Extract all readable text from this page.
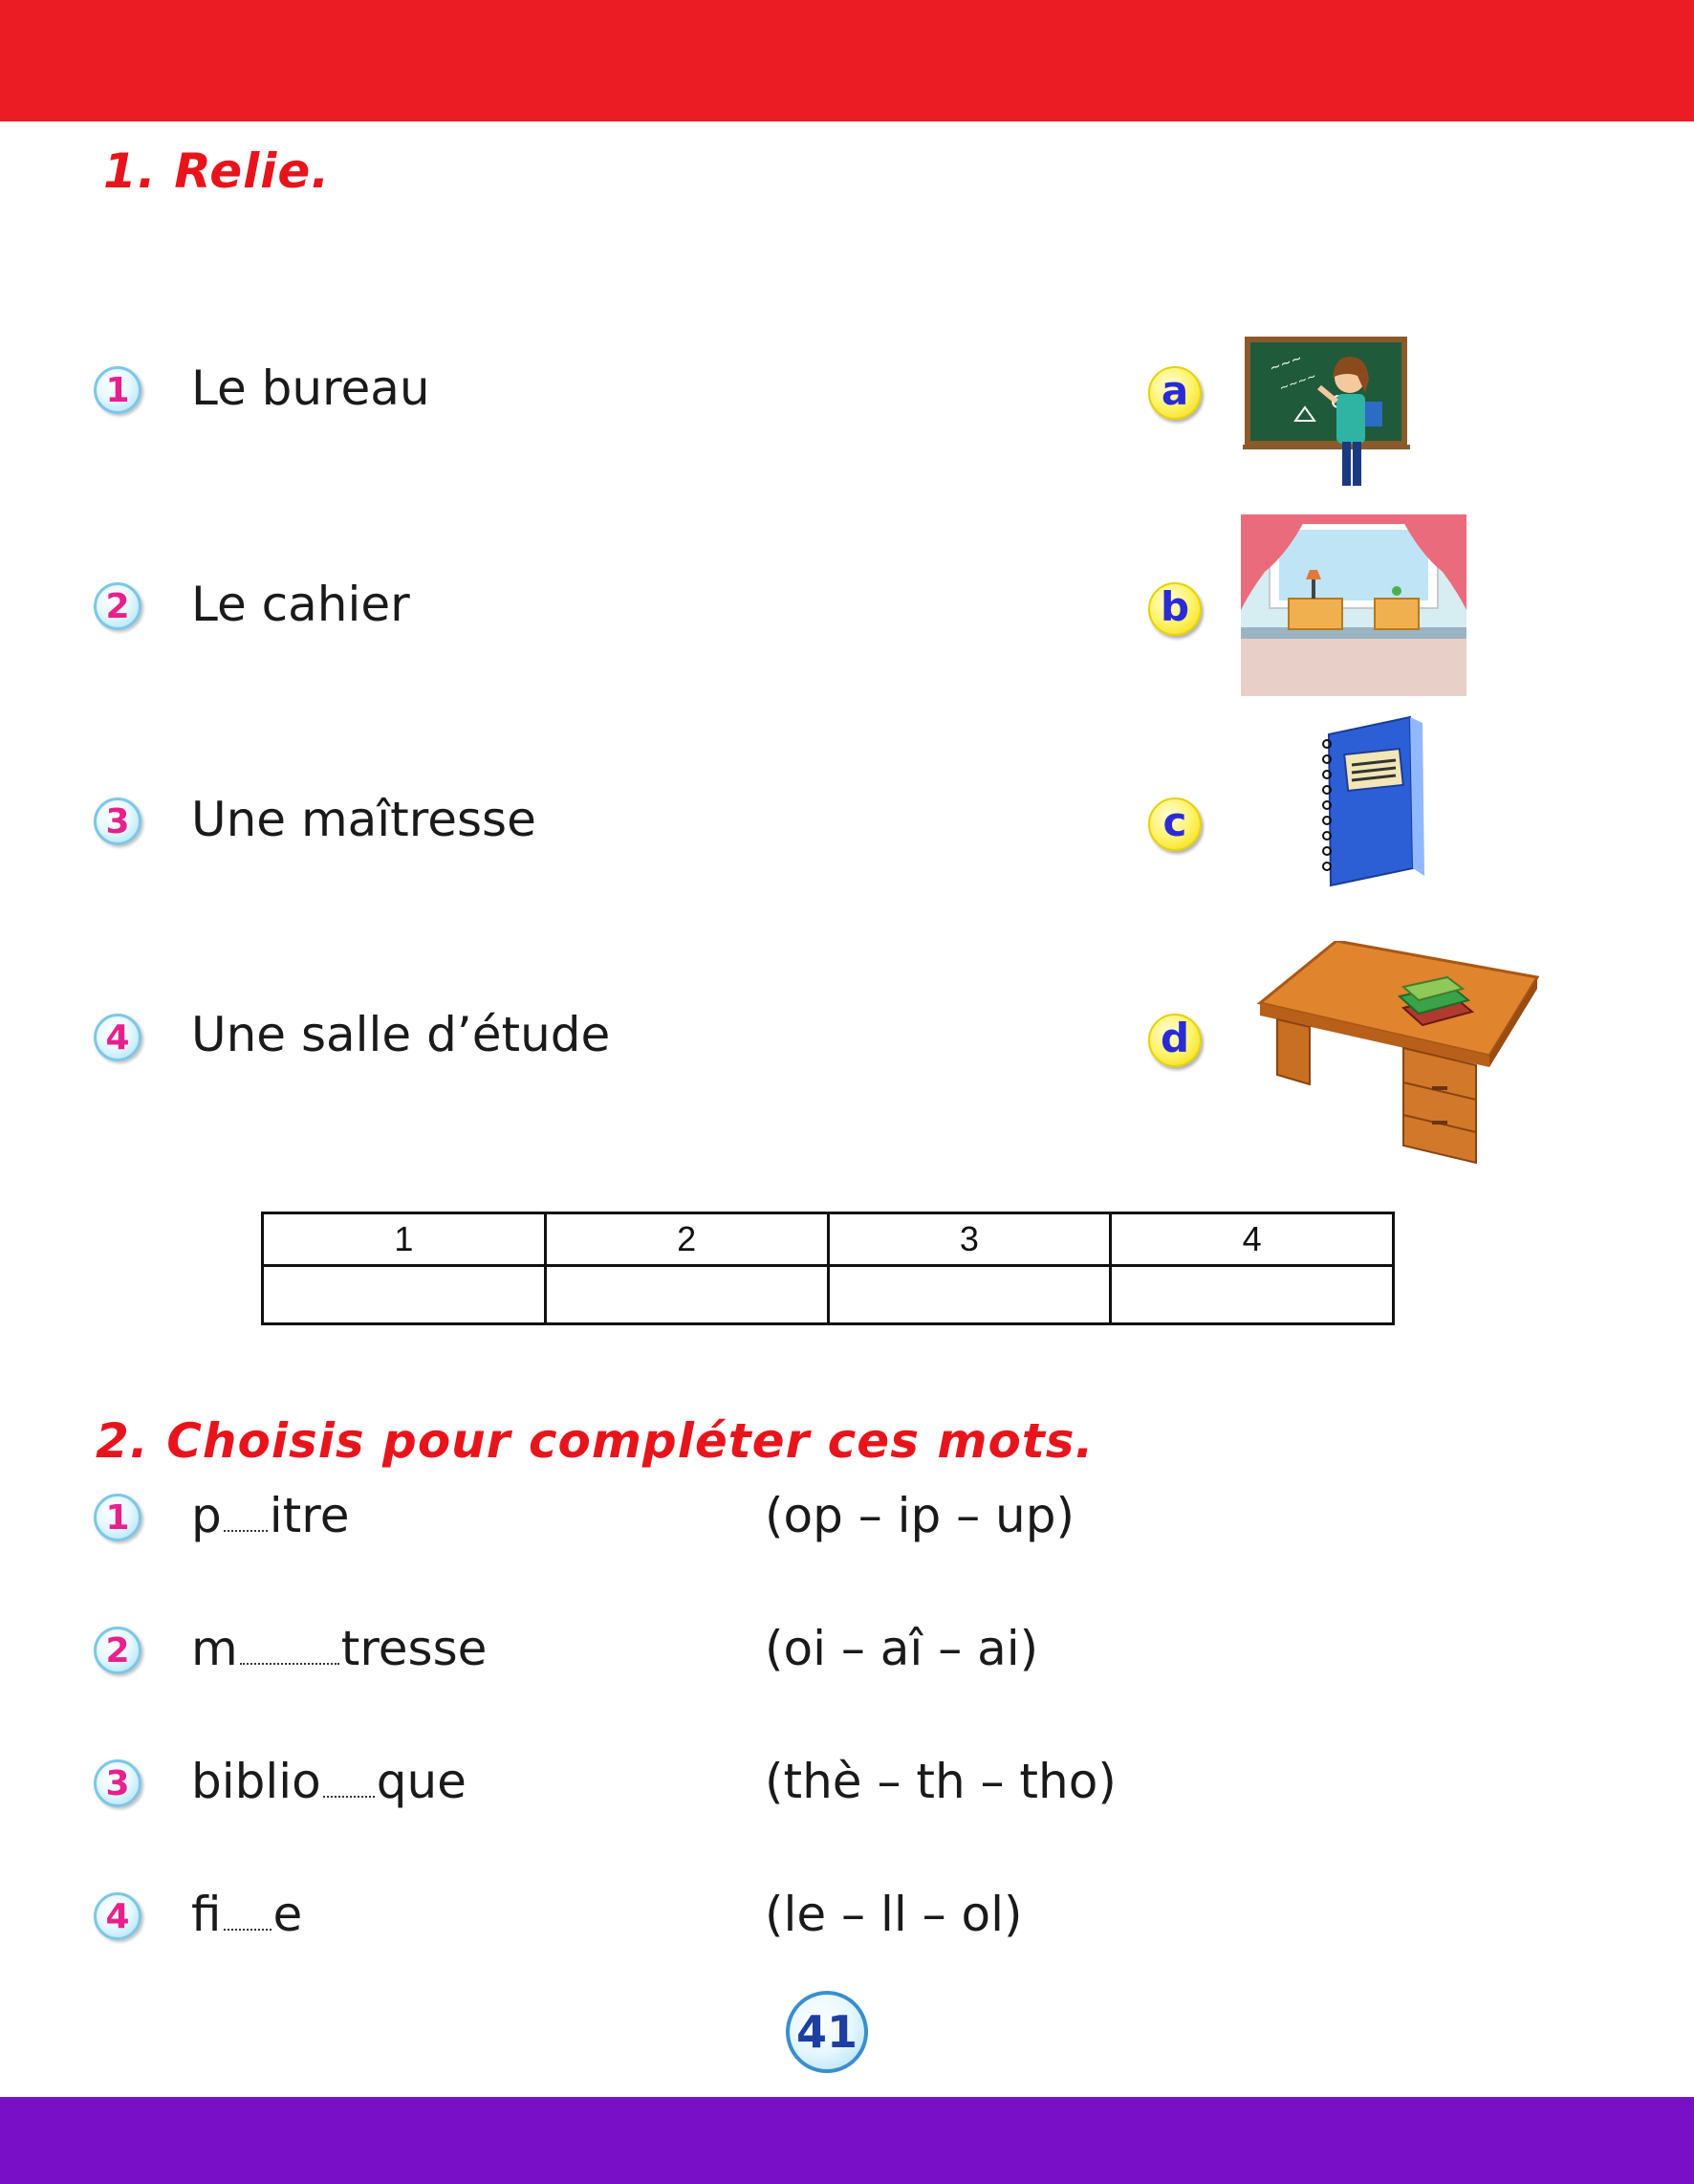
1. Relie.
1 Le bureau
2 Le cahier
3 Une maîtresse
4 Une salle d’étude
a
b
c
d
~~~
~~~~
1	2	3	4

2. Choisis pour compléter ces mots.
1 p itre	(op – ip – up)
2 m tresse	(oi – aî – ai)
3 biblio que	(thè – th – tho)
4 fi e	(le – ll – ol)
41
